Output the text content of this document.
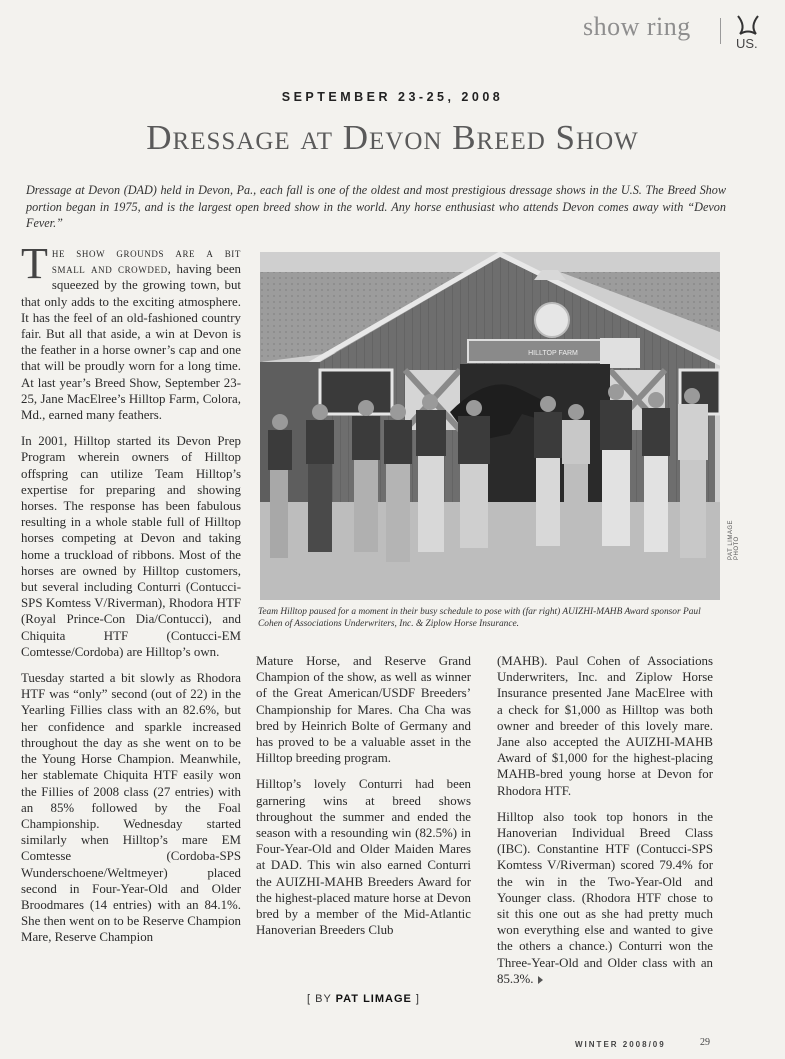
show ring
US.
SEPTEMBER 23-25, 2008
Dressage at Devon Breed Show
Dressage at Devon (DAD) held in Devon, Pa., each fall is one of the oldest and most prestigious dressage shows in the U.S. The Breed Show portion began in 1975, and is the largest open breed show in the world. Any horse enthusiast who attends Devon comes away with “Devon Fever.”

The show grounds are a bit small and crowded, having been squeezed by the growing town, but that only adds to the exciting atmosphere. It has the feel of an old-fashioned country fair. But all that aside, a win at Devon is the feather in a horse owner’s cap and one that will be proudly worn for a long time. At last year’s Breed Show, September 23-25, Jane MacElree’s Hilltop Farm, Colora, Md., earned many feathers.

In 2001, Hilltop started its Devon Prep Program wherein owners of Hilltop offspring can utilize Team Hilltop’s expertise for preparing and showing horses. The response has been fabulous resulting in a whole stable full of Hilltop horses competing at Devon and taking home a truckload of ribbons. Most of the horses are owned by Hilltop customers, but several including Conturri (Contucci-SPS Komtess V/Riverman), Rhodora HTF (Royal Prince-Con Dia/Contucci), and Chiquita HTF (Contucci-EM Comtesse/Cordoba) are Hilltop’s own.

Tuesday started a bit slowly as Rhodora HTF was “only” second (out of 22) in the Yearling Fillies class with an 82.6%, but her confidence and sparkle increased throughout the day as she went on to be the Young Horse Champion. Meanwhile, her stablemate Chiquita HTF easily won the Fillies of 2008 class (27 entries) with an 85% followed by the Foal Championship. Wednesday started similarly when Hilltop’s mare EM Comtesse (Cordoba-SPS Wunderschoene/Weltmeyer) placed second in Four-Year-Old and Older Broodmares (14 entries) with an 84.1%. She then went on to be Reserve Champion Mare, Reserve Champion

HILLTOP FARM
PAT LIMAGE PHOTO
Team Hilltop paused for a moment in their busy schedule to pose with (far right) AUIZHI-MAHB Award sponsor Paul Cohen of Associations Underwriters, Inc. & Ziplow Horse Insurance.

Mature Horse, and Reserve Grand Champion of the show, as well as winner of the Great American/USDF Breeders’ Championship for Mares. Cha Cha was bred by Heinrich Bolte of Germany and has proved to be a valuable asset in the Hilltop breeding program.

Hilltop’s lovely Conturri had been garnering wins at breed shows throughout the summer and ended the season with a resounding win (82.5%) in Four-Year-Old and Older Maiden Mares at DAD. This win also earned Conturri the AUIZHI-MAHB Breeders Award for the highest-placed mature horse at Devon bred by a member of the Mid-Atlantic Hanoverian Breeders Club

[ BY PAT LIMAGE ]

(MAHB). Paul Cohen of Associations Underwriters, Inc. and Ziplow Horse Insurance presented Jane MacElree with a check for $1,000 as Hilltop was both owner and breeder of this lovely mare. Jane also accepted the AUIZHI-MAHB Award of $1,000 for the highest-placing MAHB-bred young horse at Devon for Rhodora HTF.

Hilltop also took top honors in the Hanoverian Individual Breed Class (IBC). Constantine HTF (Contucci-SPS Komtess V/Riverman) scored 79.4% for the win in the Two-Year-Old and Younger class. (Rhodora HTF chose to sit this one out as she had pretty much won everything else and wanted to give the others a chance.) Conturri won the Three-Year-Old and Older class with an 85.3%.

WINTER 2008/09	29
